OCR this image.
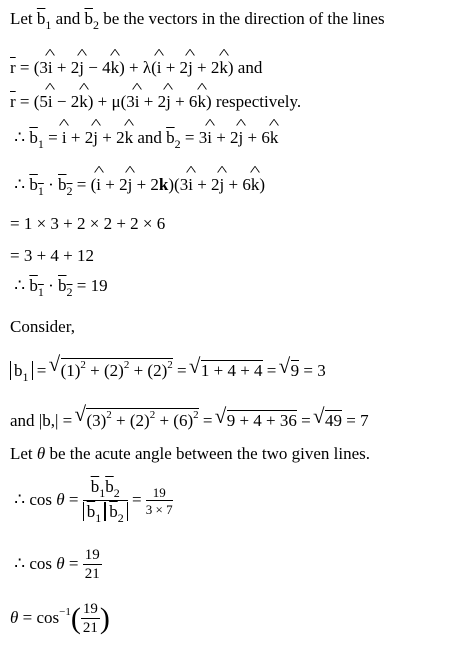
Let $\overline{b}_1$ and $\overline{b}_2$ be the vectors in the direction of the lines
$\overline{r} = (3i$ ^ + 2j ^ − 4k ^) + λ(i ^ + 2j ^ + 2k ^) and
$\overline{r} = (5i$ ^ − 2k ^) + μ(3i ^ + 2j ^ + 6k ^) respectively.
∴ $\overline{b}_1 = i$ ^ + 2j ^ + 2k ^ and $\overline{b}_2 = 3i$ ^ + 2j ^ + 6k ^
∴ $\overline{b}_1 \cdot \overline{b}_2 = (i$ ^ + 2j ^ + 2k)(3i ^ + 2j ^ + 6k ^)
= 1 × 3 + 2 × 2 + 2 × 6
= 3 + 4 + 12
∴ $\overline{b}_1 \cdot \overline{b}_2 = 19$
Consider,
$b_1$ = √ $(1)^2 + (2)^2 + (2)^2$ = √ 1 + 4 + 4 = √ 9 = 3
and |b,| = √ $(3)^2 + (2)^2 + (6)^2$ = √ 9 + 4 + 36 = √ 49 = 7
Let θ be the acute angle between the two given lines.
∴ $\cos \theta = \frac{\overline{b}_1\overline{b}_2}{\overline{b}_1 \overline{b}_2} = \frac{19}{3 \times 7}$
∴ $\cos \theta = \frac{19}{21}$
$\theta = \cos^{-1}( \frac{19}{21}$ )
